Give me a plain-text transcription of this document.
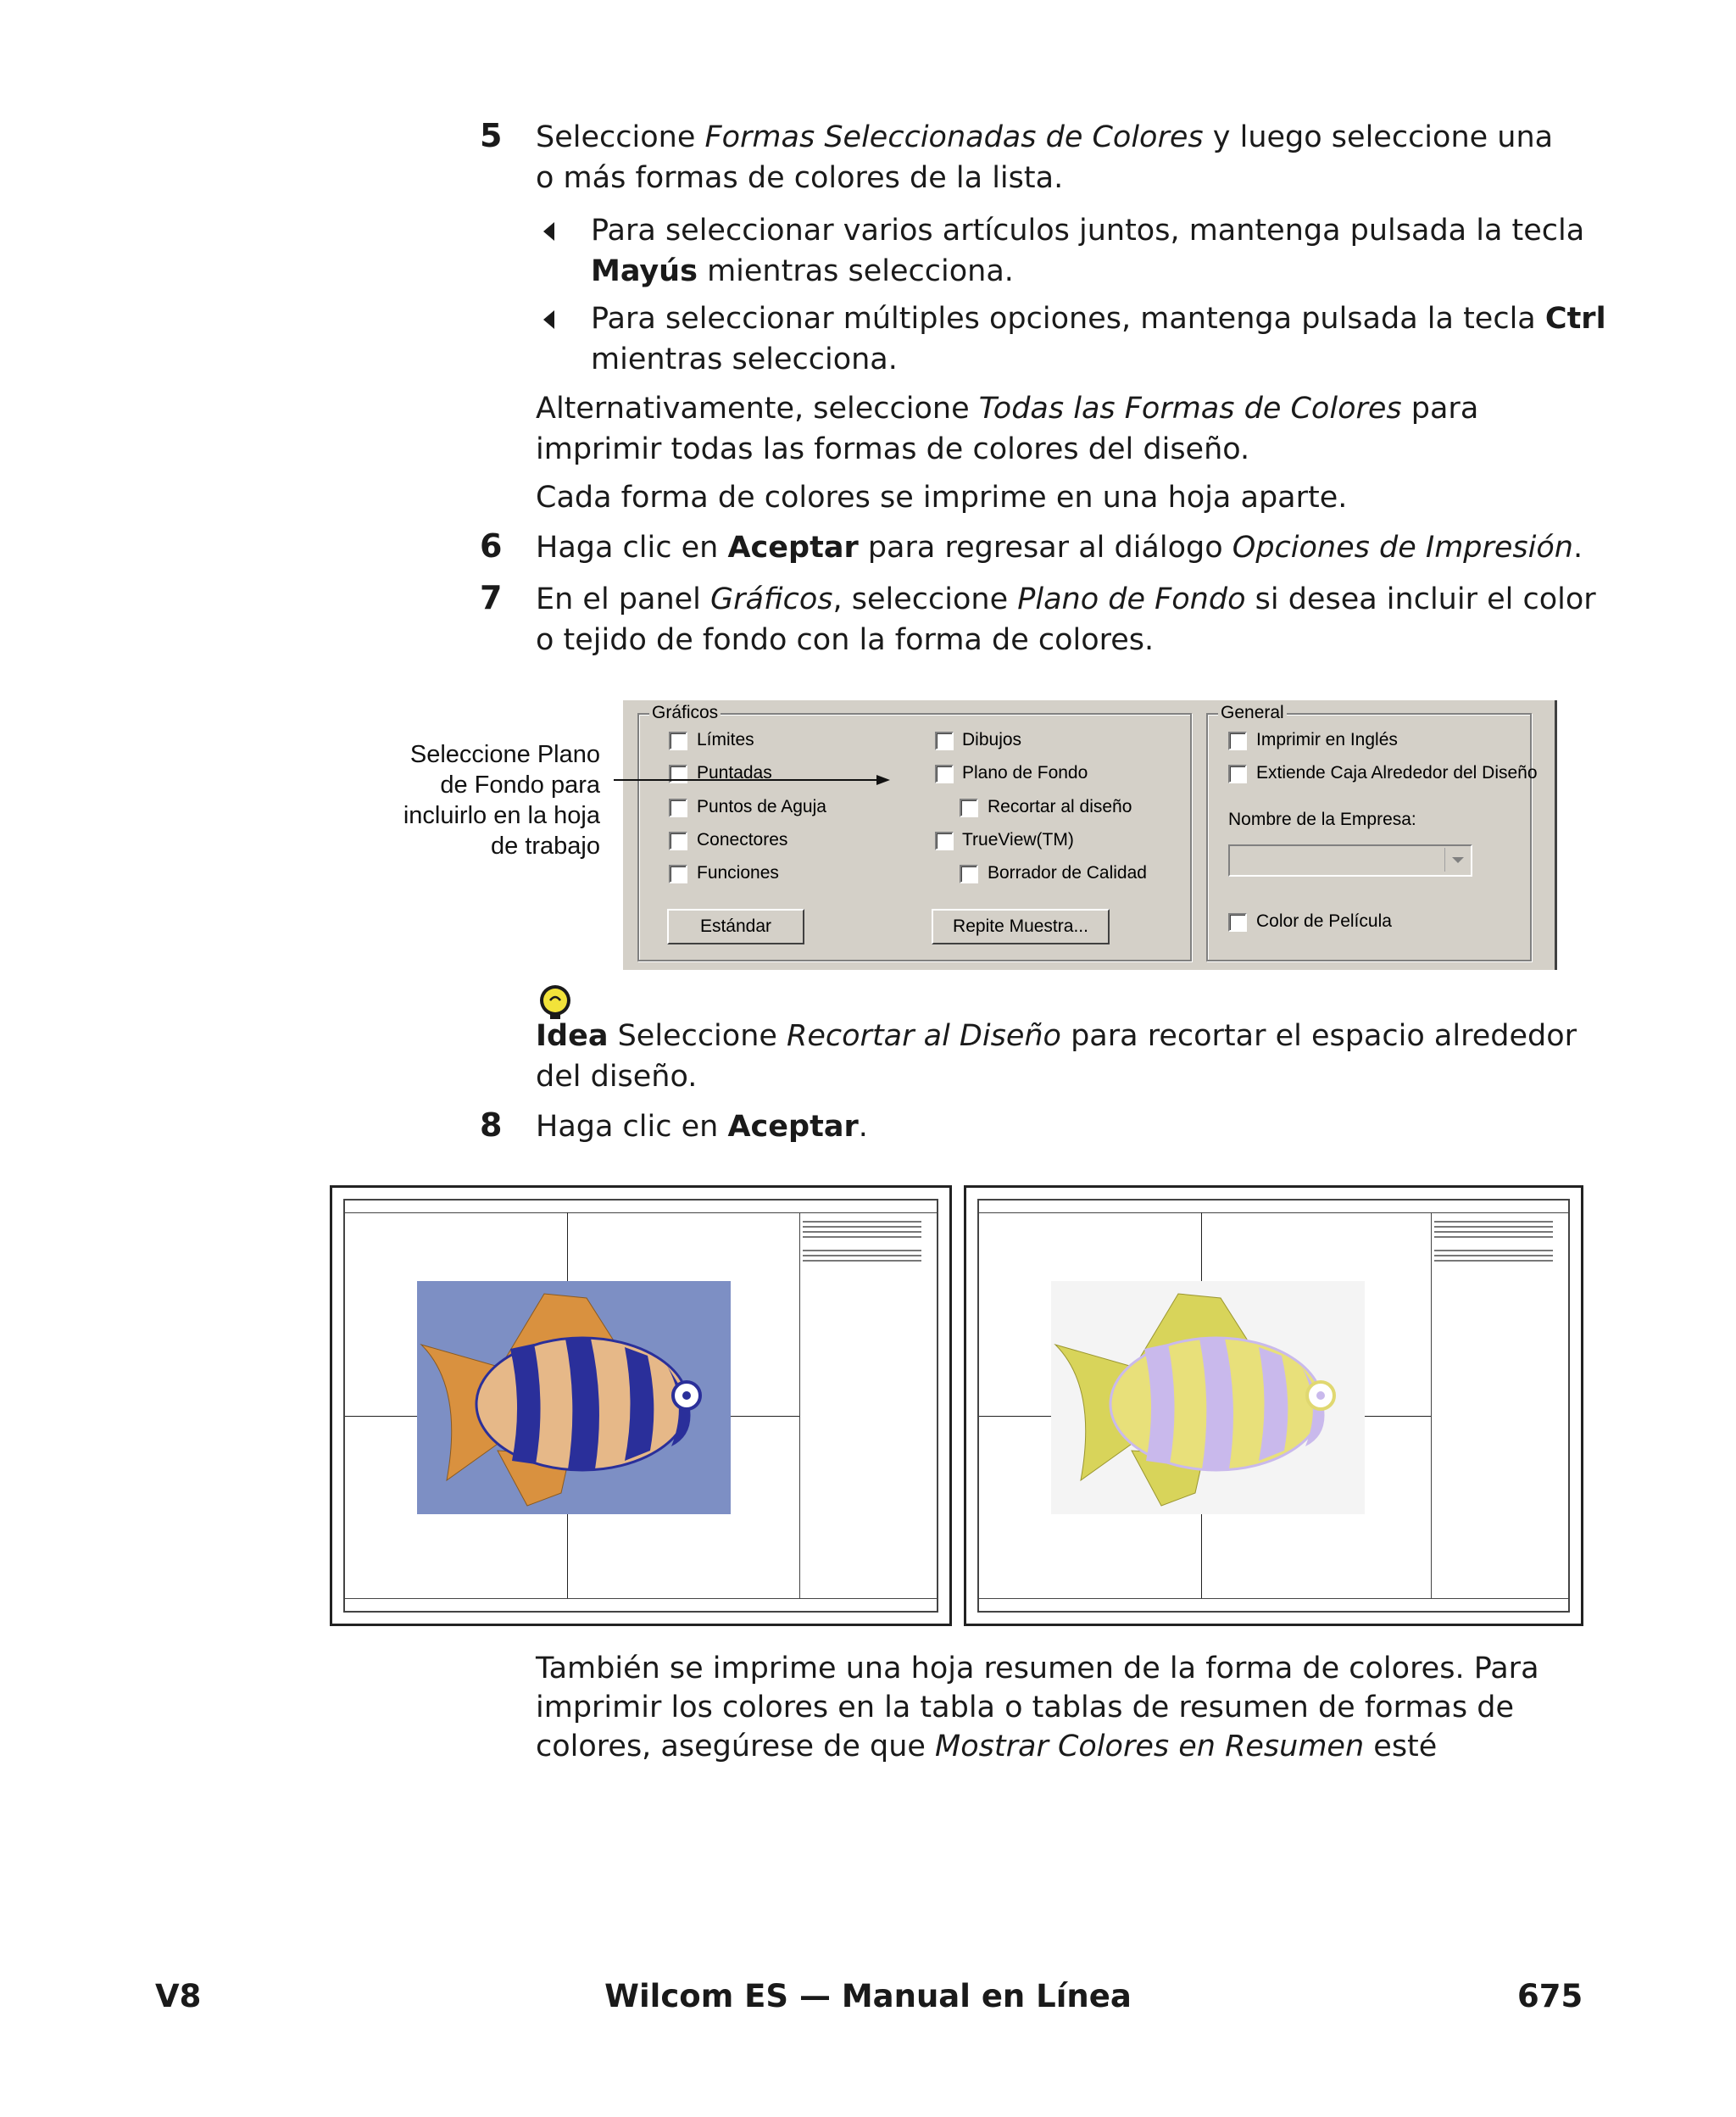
5 Seleccione Formas Seleccionadas de Colores y luego seleccione una
o más formas de colores de la lista.
Para seleccionar varios artículos juntos, mantenga pulsada la tecla
Mayús mientras selecciona.
Para seleccionar múltiples opciones, mantenga pulsada la tecla Ctrl
mientras selecciona.
Alternativamente, seleccione Todas las Formas de Colores para
imprimir todas las formas de colores del diseño.
Cada forma de colores se imprime en una hoja aparte.
6 Haga clic en Aceptar para regresar al diálogo Opciones de Impresión.
7 En el panel Gráficos, seleccione Plano de Fondo si desea incluir el color
o tejido de fondo con la forma de colores.
Seleccione Plano
de Fondo para
incluirlo en la hoja
de trabajo
Gráficos
Límites
Puntadas
Puntos de Aguja
Conectores
Funciones
Dibujos
Plano de Fondo
Recortar al diseño
TrueView(TM)
Borrador de Calidad
Estándar	Repite Muestra...
General
Imprimir en Inglés
Extiende Caja Alrededor del Diseño
Nombre de la Empresa:
Color de Película
Idea Seleccione Recortar al Diseño para recortar el espacio alrededor
del diseño.
8 Haga clic en Aceptar.
También se imprime una hoja resumen de la forma de colores. Para
imprimir los colores en la tabla o tablas de resumen de formas de
colores, asegúrese de que Mostrar Colores en Resumen esté
V8	Wilcom ES — Manual en Línea	675
